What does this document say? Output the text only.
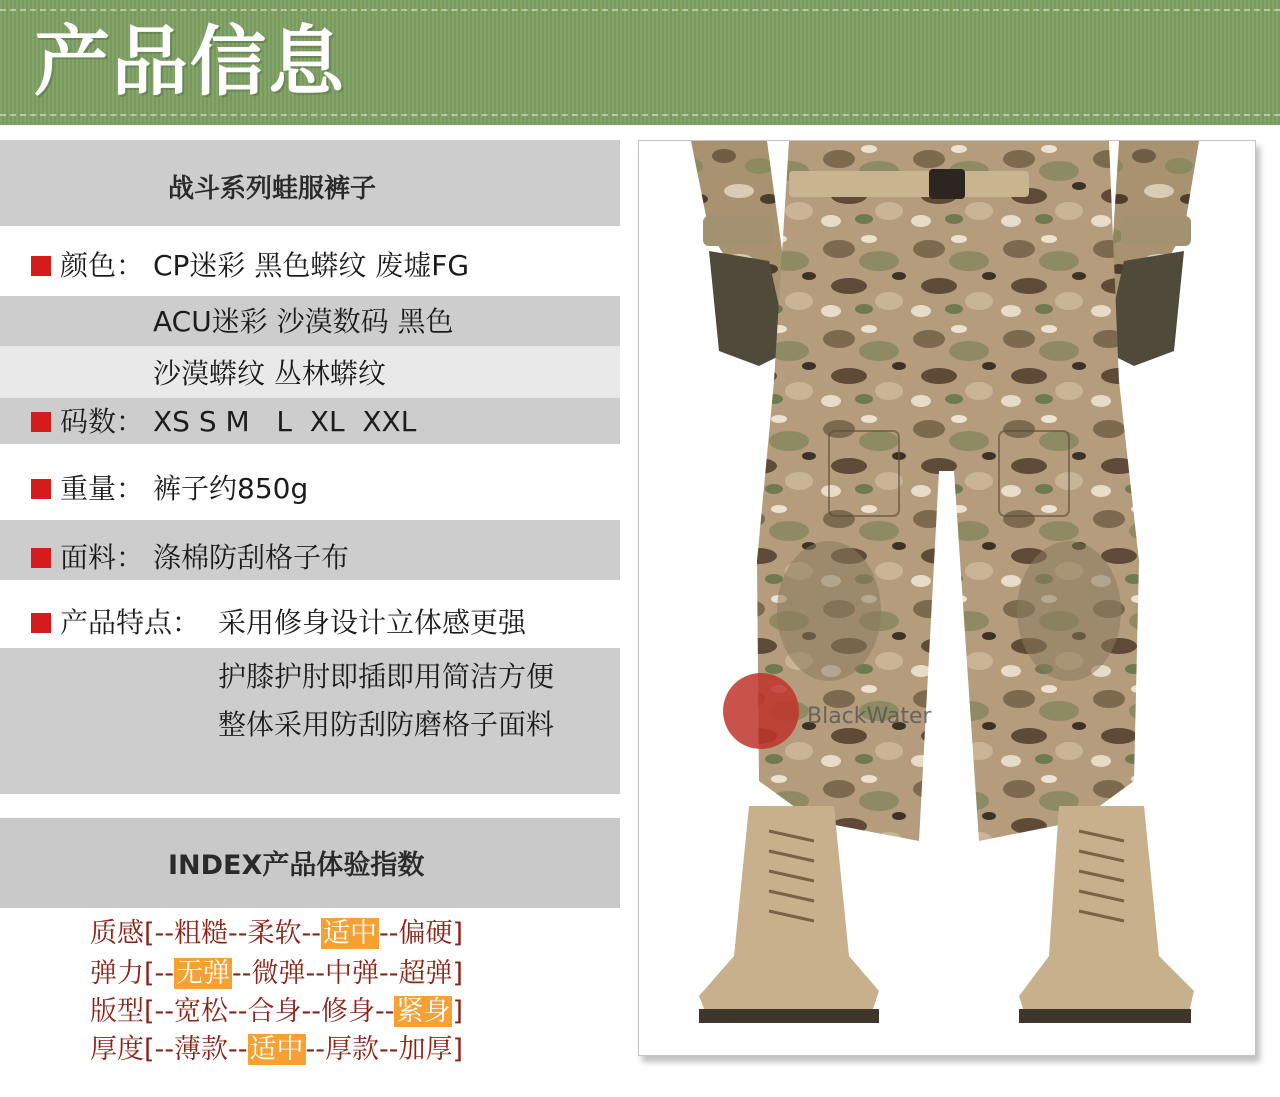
产品信息
战斗系列蛙服裤子
颜色： CP迷彩 黑色蟒纹 废墟FG
ACU迷彩 沙漠数码 黑色
沙漠蟒纹 丛林蟒纹
码数： XS S M   L  XL  XXL
重量： 裤子约850g
面料： 涤棉防刮格子布
产品特点： 采用修身设计立体感更强
护膝护肘即插即用简洁方便
整体采用防刮防磨格子面料
INDEX产品体验指数
质感[--粗糙--柔软--适中--偏硬]
弹力[--无弹--微弹--中弹--超弹]
版型[--宽松--合身--修身--紧身]
厚度[--薄款--适中--厚款--加厚]
BlackWater
